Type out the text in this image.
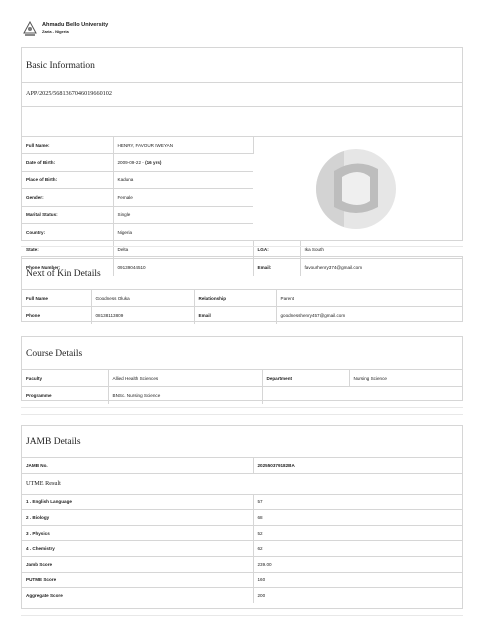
Ahmadu Bello University
Zaria - Nigeria
Basic Information
Full Name:	HENRY, FAVOUR IWEYAN	

Date of Birth:	2009-09-22 - (16 yrs)		
Place of Birth:	Kaduna		
Gender:	Female		
Marital Status:	Single		
Country:	Nigeria		
State:	Delta	LGA:	Ika South
Phone Number:	09139044510	Email:	favourhenry374@gmail.com
APP/2025/5681367046019660102
Next of Kin Details
Full Name	Goodness Oluka	Relationship	Parent
Phone	08138113809	Email	goodnesshenry457@gmail.com
Course Details
Faculty	Allied Health Sciences	Department	Nursing Science
Programme	BNSc. Nursing Science		
JAMB Details
JAMB No.	202550379182BA
UTME Result	
1 . English Language	57
2 . Biology	68
3 . Physics	52
4 . Chemistry	62
Jamb Score	239.00
PUTME Score	160
Aggregate Score	200
